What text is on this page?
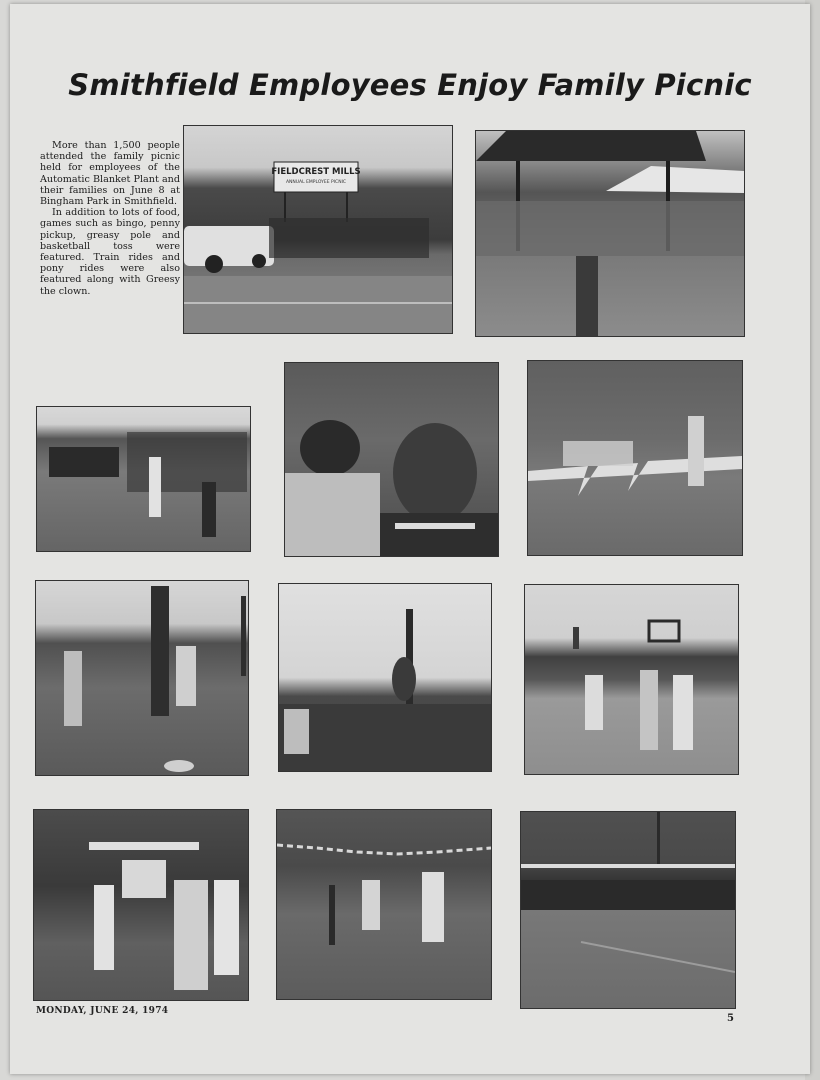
Smithfield Employees Enjoy Family Picnic

More than 1,500 people attended the family picnic held for employees of the Automatic Blanket Plant and their families on June 8 at Bingham Park in Smithfield.

In addition to lots of food, games such as bingo, penny pickup, greasy pole and basketball toss were featured. Train rides and pony rides were also featured along with Greesy the clown.

FIELDCREST MILLS
ANNUAL EMPLOYEE PICNIC
MONDAY, JUNE 24, 1974
5
